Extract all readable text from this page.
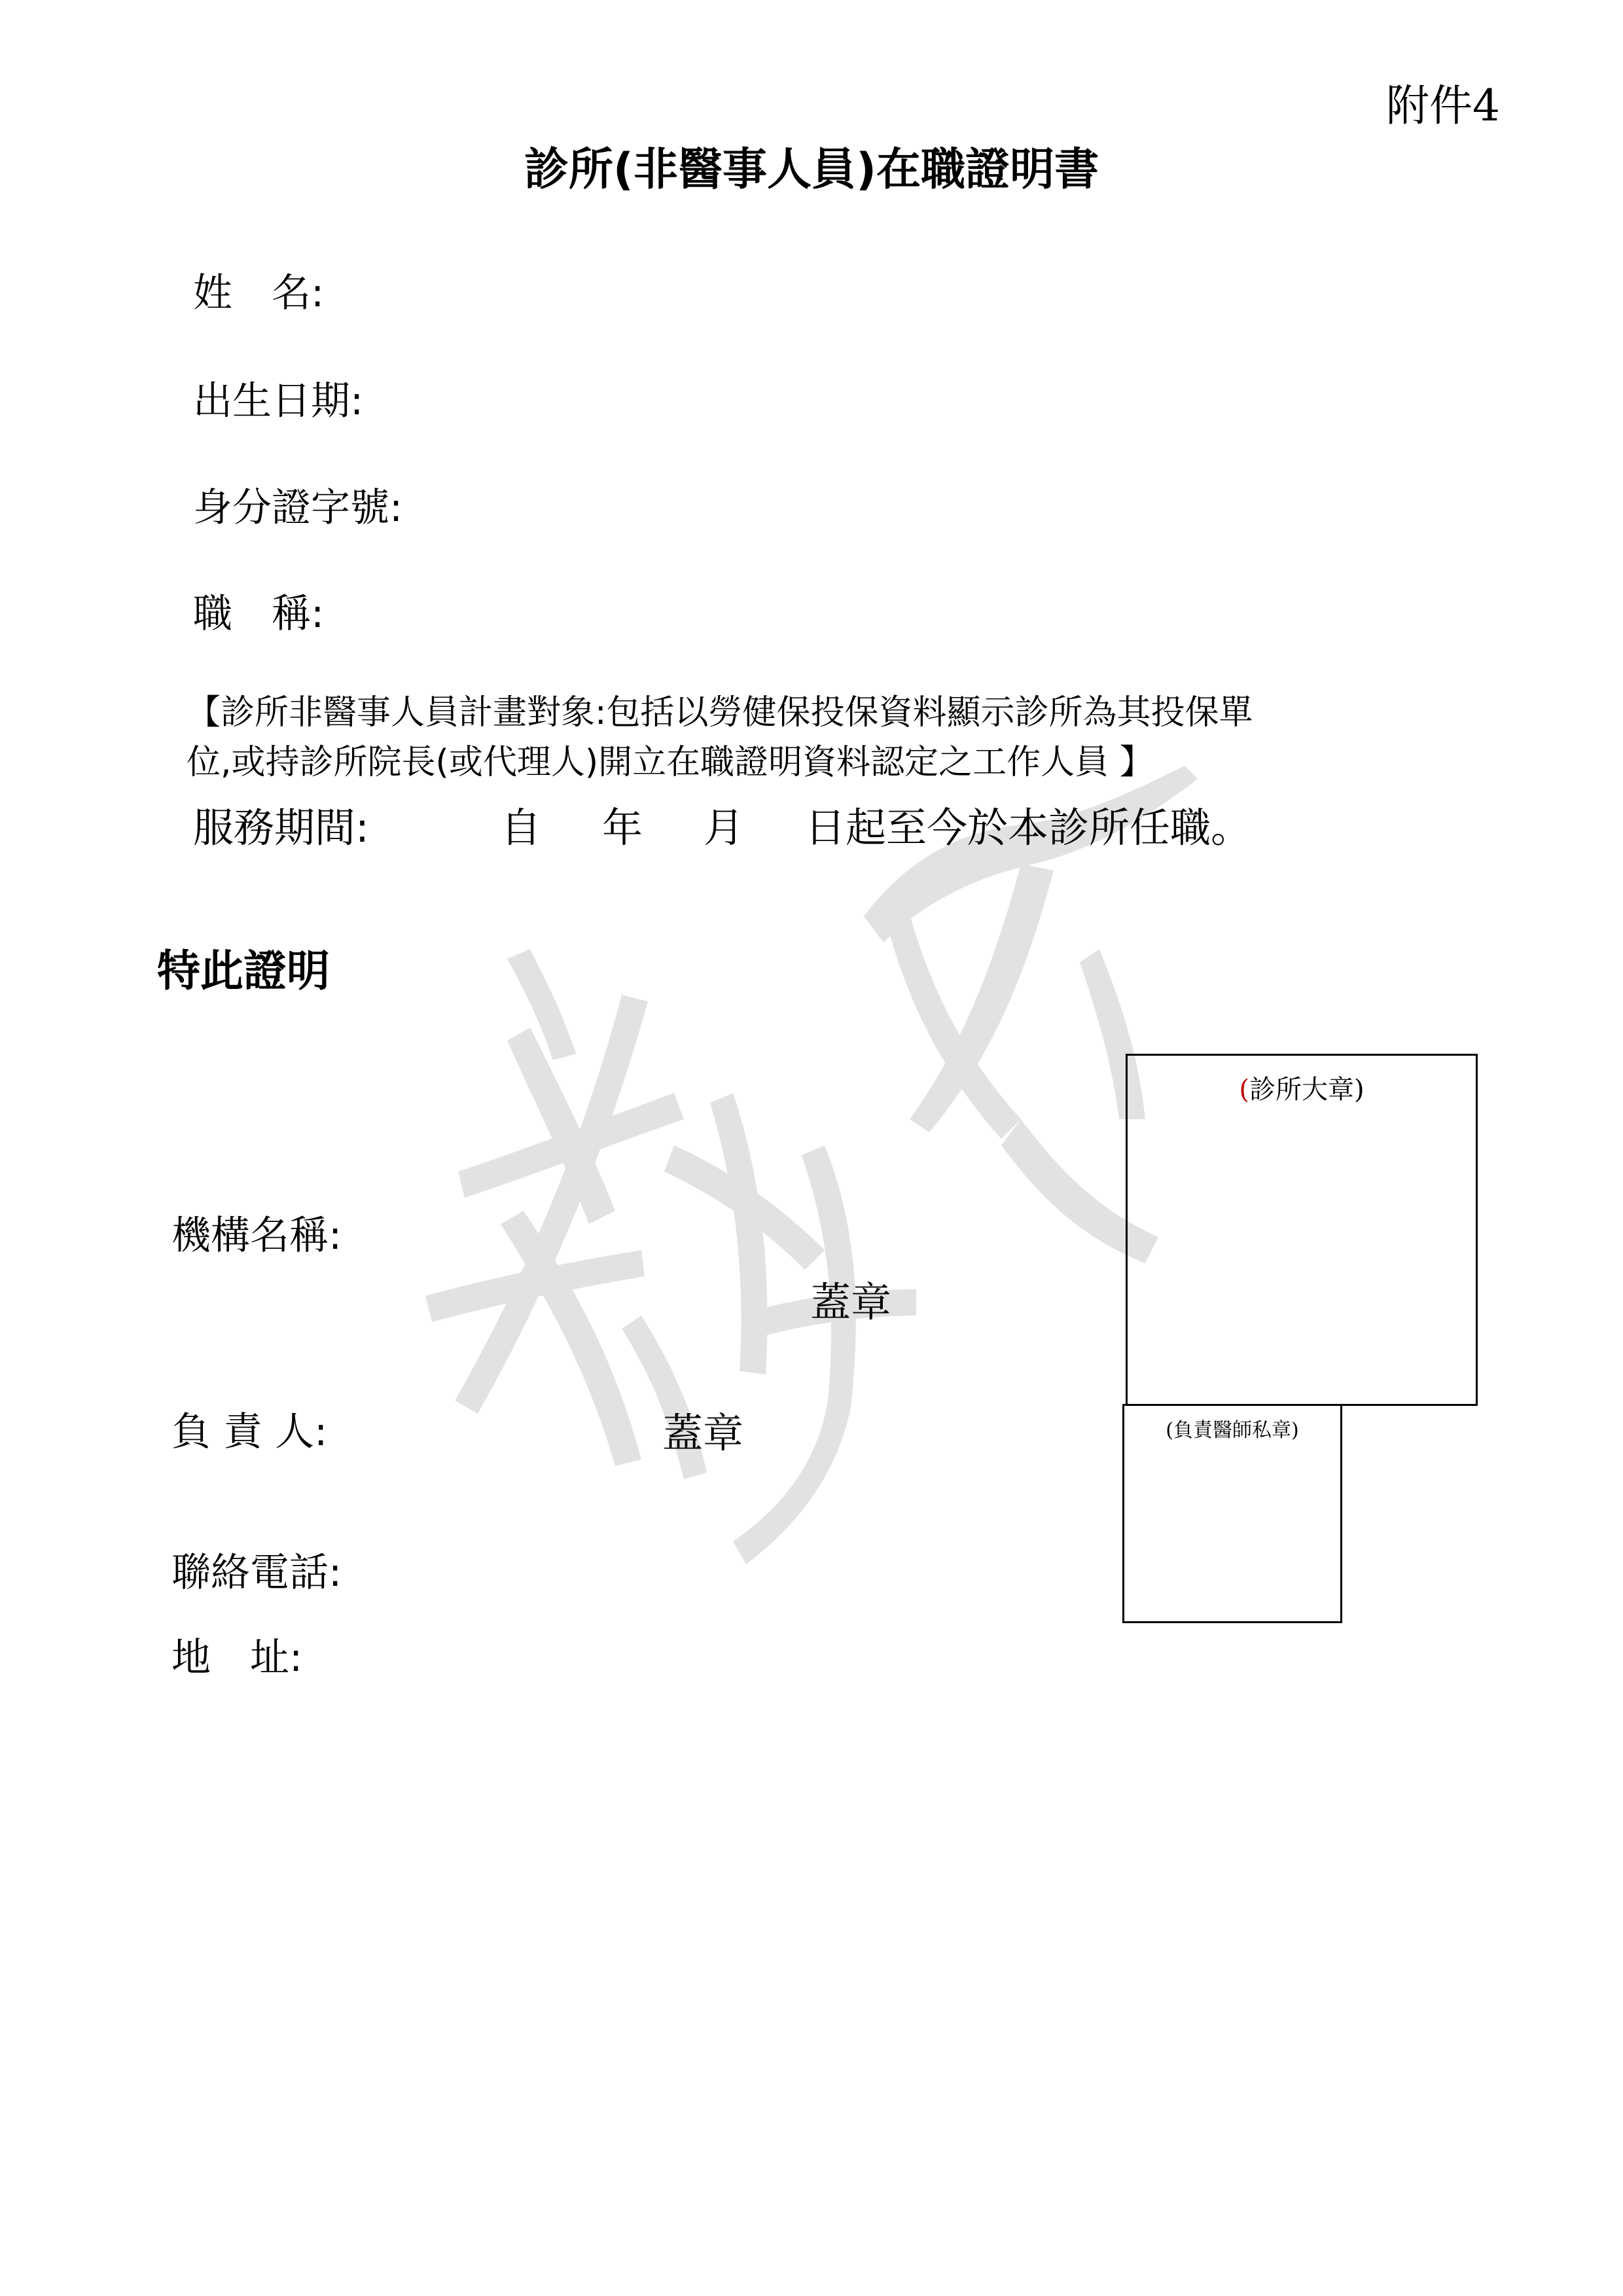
附件4
診所(非醫事人員)在職證明書
姓　名:
出生日期:
身分證字號:
職　稱:
【診所非醫事人員計畫對象:包括以勞健保投保資料顯示診所為其投保單
位,或持診所院長(或代理人)開立在職證明資料認定之工作人員 】
服務期間:	自 年 月 日起至今於本診所任職。
特此證明
機構名稱:
蓋章
負 責 人:	蓋章
聯絡電話:
地　址:
(診所大章)
(負責醫師私章)
